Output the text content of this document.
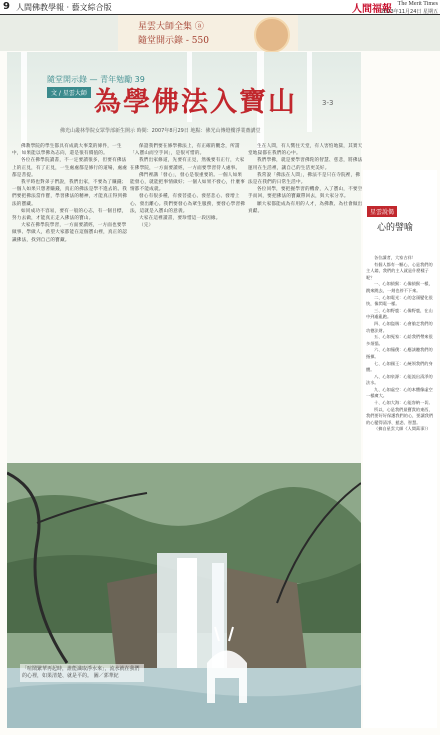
9 人間佛教學報 · 藝文綜合版	人間福報 The Merit Times
2023年11月24日 星期五
星雲大師全集 ⓐ
隨堂開示錄 - 550
隨堂開示錄 — 青年勉勵 39
文 / 星雲大師 為學佛法入寶山	3-3
佛光山叢林學院女眾學部新生開示 時間：2007年8月29日 地點：佛光山傳燈樓淨業齋講堂

佛教學院的學生都具有成就大事業的條件，一生中，如果能以學佛為志向，還是很有價值的。

各位在佛學院讀書，不一定要讀很多，但要有佛法上的正見，有了正見，一生處處都是修行的道場，處處都是菩提。

我平時也對弟子們說，我們出家，不要為了賺錢；一個人如果只想著賺錢，真正的佛法是學不進去的。我們要把佛法當作寶，學習佛法的精神，才能真正得到佛法的寶藏。

如同成功不容易，要有一般的心志，有一個目標，努力去做，才能真正走入佛法的寶山。

大家在佛學院學習，一方面要讀經，一方面也要學做事、學做人，希望大家都能在這個寶山裡，真正的認識佛法，找到自己的寶藏。

保證我們要在修學佛法上，有正確的觀念，所謂「入寶山而空手回」，是很可惜的。

我們出家修道，先要有正見，然後要有正行，大家在佛學院，一方面要讀經，一方面要學習待人處事。

佛門裡講「發心」，發心是很重要的。一個人如果能發心，就能把事情做好；一個人如果不發心，什麼事情都不能成就。

發心有很多種，有發菩提心、發慈悲心、發增上心、發出離心。我們要發心為眾生服務，要發心學習佛法，這就是入寶山的意義。

大家在這裡讀書，要珍惜這一段因緣。

（完）

生在人間，有人嚮往天堂，有人害怕地獄，其實天堂地獄都在我們的心中。

我們學佛，就是要學習佛陀的智慧、慈悲，將佛法運用在生活裡，讓自己的生活更美好。

我常說「佛法在人間」，佛法不是只在寺院裡，佛法是在我們的日常生活中。

各位同學，要把握學習的機會，入了寶山，不要空手而回，要把佛法的寶藏帶回去，與大家分享。

願大家都能成為有用的人才，為佛教、為社會做出貢獻。

「喧鬧繁華再起時，誰能識取淨水來」，流水就在我們的心裡，如果清楚、就是平的。 圖／郭華紀
星雲說偈
心的譬喻

各位讀者，大家吉祥！

有個人都有一顆心，心是我們的主人翁，我們的主人就是什麼樣子呢？

一、心如猿猴：心像猿猴一樣，跳來跳去，一刻也停不下來。

二、心如電光：心的念頭變化很快，像閃電一樣。

三、心如野鹿：心像野鹿，在山中到處亂跑。

四、心如盜賊：心會偷走我們的功德法財。

五、心如冤家：心給我們帶來很多煩惱。

六、心如僮僕：心應該聽我們的指揮。

七、心如國王：心統領我們的身體。

八、心如泉源：心能流出清淨的法水。

九、心如虛空：心的本體像虛空一樣廣大。

十、心如大海：心能容納一切。

所以，心是我們最寶貴的東西，我們要好好保護我們的心，要讓我們的心變得清淨、慈悲、智慧。

（摘自星雲大師《人間萬事》）
